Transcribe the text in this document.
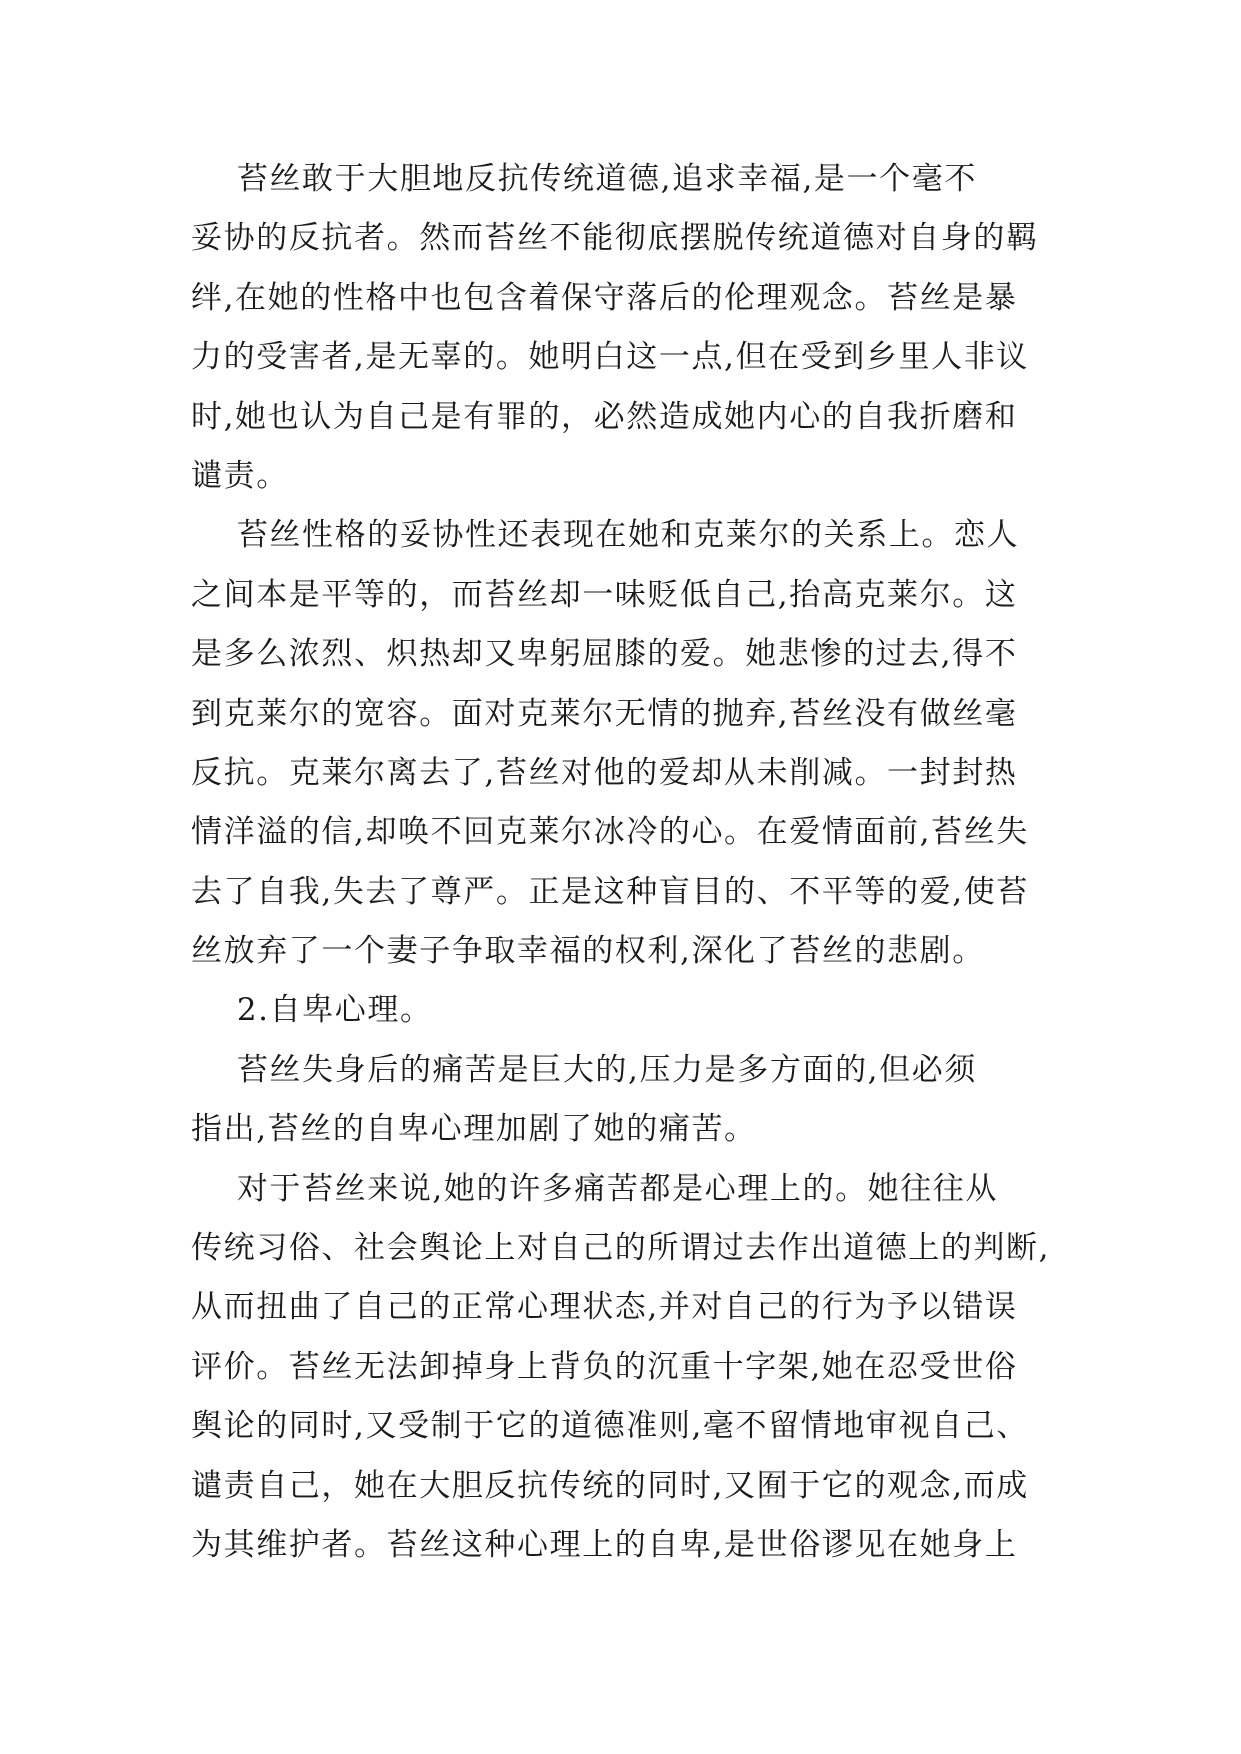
苔丝敢于大胆地反抗传统道德,追求幸福,是一个毫不
妥协的反抗者。然而苔丝不能彻底摆脱传统道德对自身的羁
绊,在她的性格中也包含着保守落后的伦理观念。苔丝是暴
力的受害者,是无辜的。她明白这一点,但在受到乡里人非议
时,她也认为自己是有罪的，必然造成她内心的自我折磨和
谴责。
苔丝性格的妥协性还表现在她和克莱尔的关系上。恋人
之间本是平等的，而苔丝却一味贬低自己,抬高克莱尔。这
是多么浓烈、炽热却又卑躬屈膝的爱。她悲惨的过去,得不
到克莱尔的宽容。面对克莱尔无情的抛弃,苔丝没有做丝毫
反抗。克莱尔离去了,苔丝对他的爱却从未削减。一封封热
情洋溢的信,却唤不回克莱尔冰冷的心。在爱情面前,苔丝失
去了自我,失去了尊严。正是这种盲目的、不平等的爱,使苔
丝放弃了一个妻子争取幸福的权利,深化了苔丝的悲剧。
2.自卑心理。
苔丝失身后的痛苦是巨大的,压力是多方面的,但必须
指出,苔丝的自卑心理加剧了她的痛苦。
对于苔丝来说,她的许多痛苦都是心理上的。她往往从
传统习俗、社会舆论上对自己的所谓过去作出道德上的判断,
从而扭曲了自己的正常心理状态,并对自己的行为予以错误
评价。苔丝无法卸掉身上背负的沉重十字架,她在忍受世俗
舆论的同时,又受制于它的道德准则,毫不留情地审视自己、
谴责自己，她在大胆反抗传统的同时,又囿于它的观念,而成
为其维护者。苔丝这种心理上的自卑,是世俗谬见在她身上
